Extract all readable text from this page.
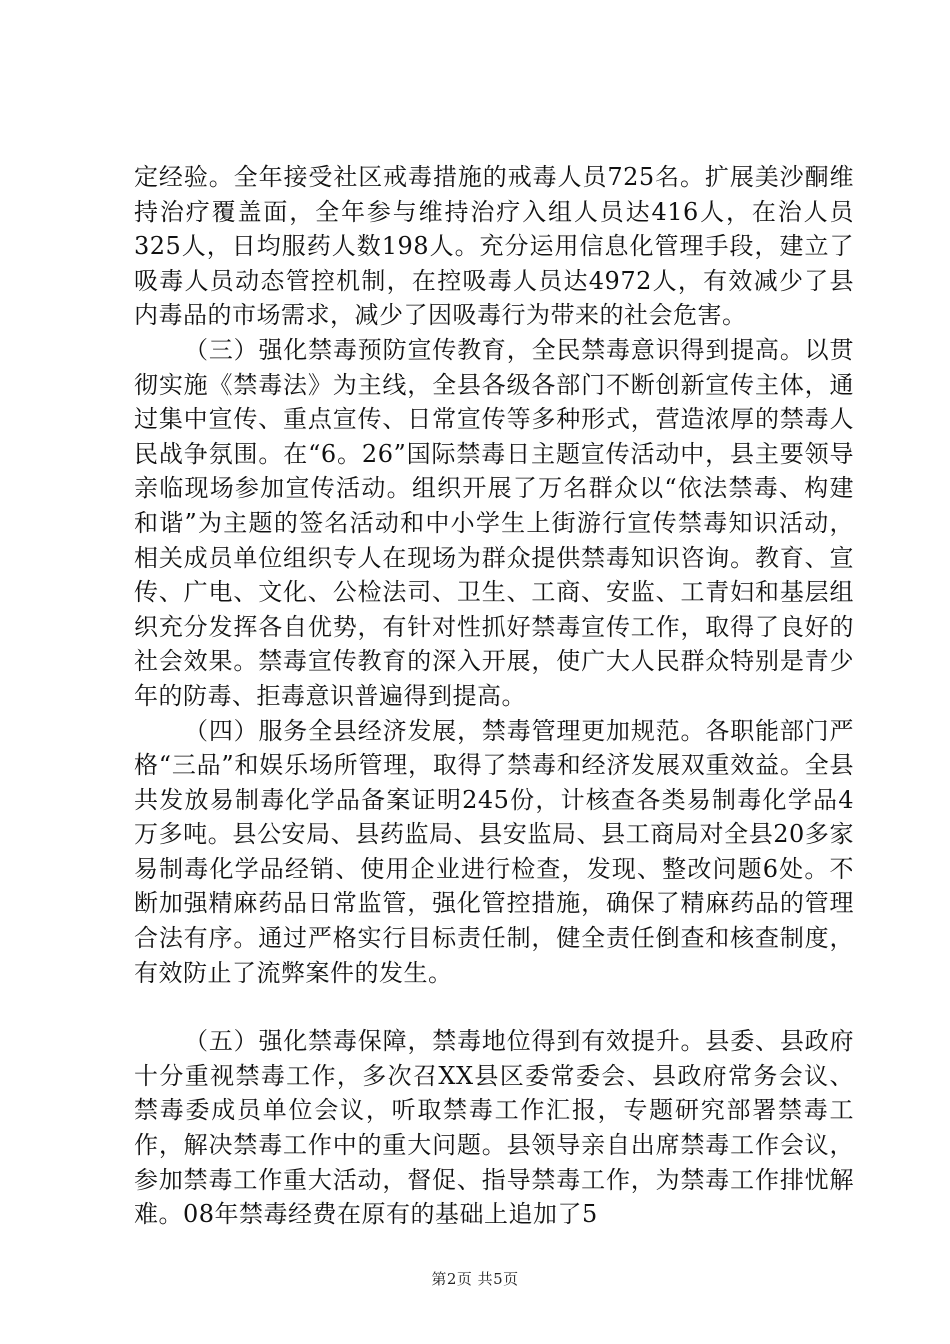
定经验。全年接受社区戒毒措施的戒毒人员725名。扩展美沙酮维持治疗覆盖面，全年参与维持治疗入组人员达416人，在治人员325人，日均服药人数198人。充分运用信息化管理手段，建立了吸毒人员动态管控机制，在控吸毒人员达4972人，有效减少了县内毒品的市场需求，减少了因吸毒行为带来的社会危害。

（三）强化禁毒预防宣传教育，全民禁毒意识得到提高。以贯彻实施《禁毒法》为主线，全县各级各部门不断创新宣传主体，通过集中宣传、重点宣传、日常宣传等多种形式，营造浓厚的禁毒人民战争氛围。在“6。26”国际禁毒日主题宣传活动中，县主要领导亲临现场参加宣传活动。组织开展了万名群众以“依法禁毒、构建和谐”为主题的签名活动和中小学生上街游行宣传禁毒知识活动，相关成员单位组织专人在现场为群众提供禁毒知识咨询。教育、宣传、广电、文化、公检法司、卫生、工商、安监、工青妇和基层组织充分发挥各自优势，有针对性抓好禁毒宣传工作，取得了良好的社会效果。禁毒宣传教育的深入开展，使广大人民群众特别是青少年的防毒、拒毒意识普遍得到提高。

（四）服务全县经济发展，禁毒管理更加规范。各职能部门严格“三品”和娱乐场所管理，取得了禁毒和经济发展双重效益。全县共发放易制毒化学品备案证明245份，计核查各类易制毒化学品4万多吨。县公安局、县药监局、县安监局、县工商局对全县20多家易制毒化学品经销、使用企业进行检查，发现、整改问题6处。不断加强精麻药品日常监管，强化管控措施，确保了精麻药品的管理合法有序。通过严格实行目标责任制，健全责任倒查和核查制度，有效防止了流弊案件的发生。

（五）强化禁毒保障，禁毒地位得到有效提升。县委、县政府十分重视禁毒工作，多次召XX县区委常委会、县政府常务会议、禁毒委成员单位会议，听取禁毒工作汇报，专题研究部署禁毒工作，解决禁毒工作中的重大问题。县领导亲自出席禁毒工作会议，参加禁毒工作重大活动，督促、指导禁毒工作，为禁毒工作排忧解难。08年禁毒经费在原有的基础上追加了5

第2页 共5页
